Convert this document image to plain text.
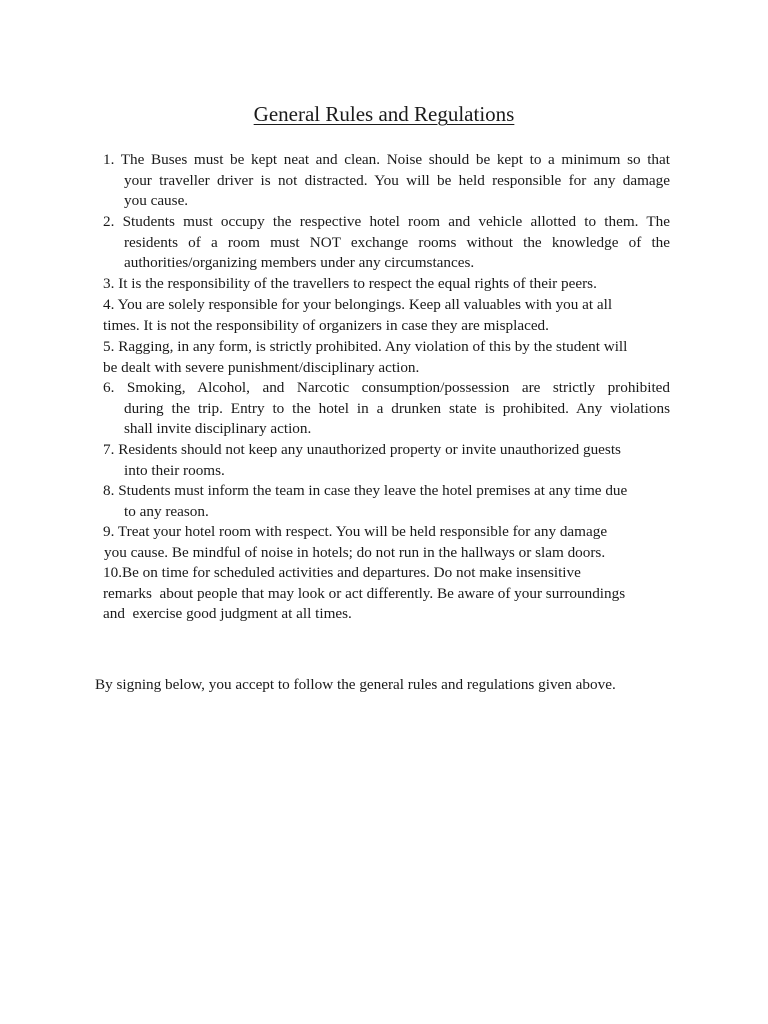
General Rules and Regulations
1. The Buses must be kept neat and clean. Noise should be kept to a minimum so that
your traveller driver is not distracted. You will be held responsible for any damage
you cause.
2. Students must occupy the respective hotel room and vehicle allotted to them. The
residents of a room must NOT exchange rooms without the knowledge of the
authorities/organizing members under any circumstances.
3. It is the responsibility of the travellers to respect the equal rights of their peers.
4. You are solely responsible for your belongings. Keep all valuables with you at all
times. It is not the responsibility of organizers in case they are misplaced.
5. Ragging, in any form, is strictly prohibited. Any violation of this by the student will
be dealt with severe punishment/disciplinary action.
6. Smoking, Alcohol, and Narcotic consumption/possession are strictly prohibited
during the trip. Entry to the hotel in a drunken state is prohibited. Any violations
shall invite disciplinary action.
7. Residents should not keep any unauthorized property or invite unauthorized guests
into their rooms.
8. Students must inform the team in case they leave the hotel premises at any time due
to any reason.
9. Treat your hotel room with respect. You will be held responsible for any damage
you cause. Be mindful of noise in hotels; do not run in the hallways or slam doors.
10.Be on time for scheduled activities and departures. Do not make insensitive
remarks  about people that may look or act differently. Be aware of your surroundings
and  exercise good judgment at all times.
By signing below, you accept to follow the general rules and regulations given above.
